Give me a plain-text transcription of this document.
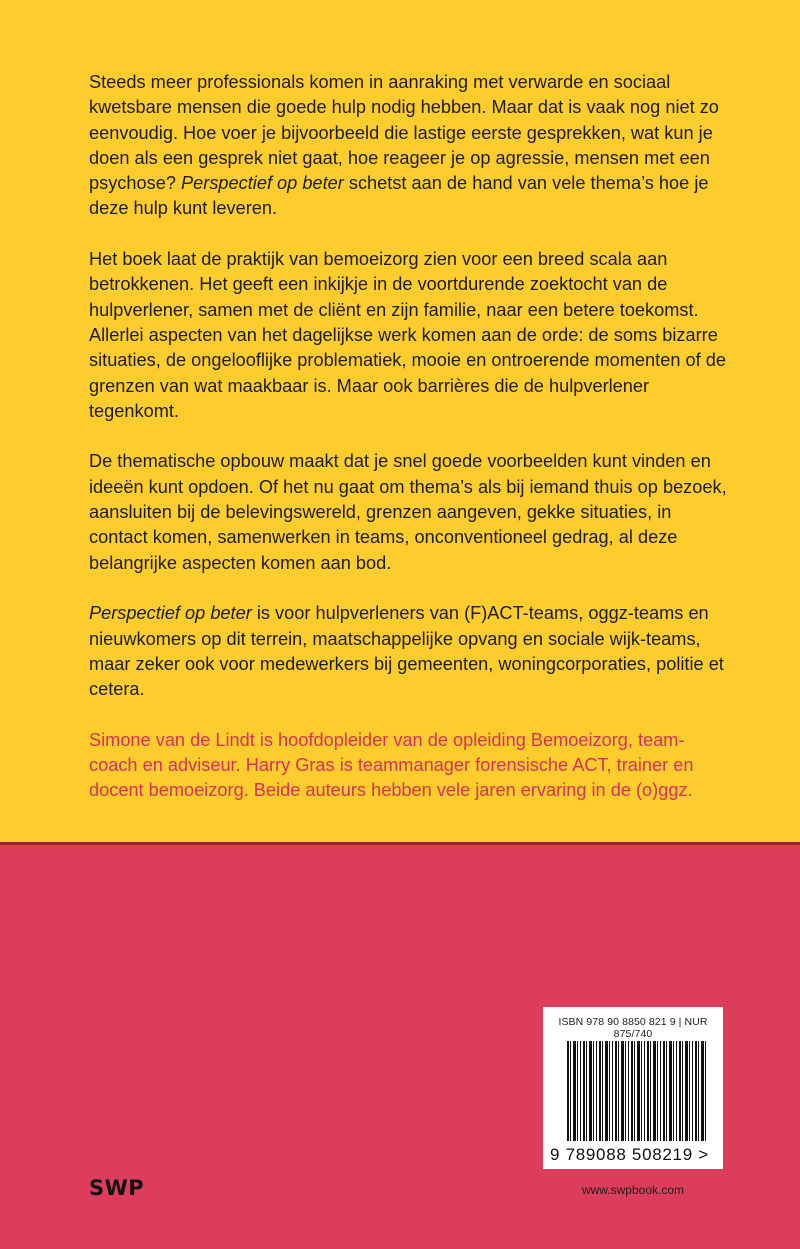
Steeds meer professionals komen in aanraking met verwarde en sociaal kwetsbare mensen die goede hulp nodig hebben. Maar dat is vaak nog niet zo eenvoudig. Hoe voer je bijvoorbeeld die lastige eerste gesprekken, wat kun je doen als een gesprek niet gaat, hoe reageer je op agressie, mensen met een psychose? Perspectief op beter schetst aan de hand van vele thema’s hoe je deze hulp kunt leveren.

Het boek laat de praktijk van bemoeizorg zien voor een breed scala aan betrokkenen. Het geeft een inkijkje in de voortdurende zoektocht van de hulpverlener, samen met de cliënt en zijn familie, naar een betere toekomst. Allerlei aspecten van het dagelijkse werk komen aan de orde: de soms bizarre situaties, de ongelooflijke problematiek, mooie en ontroerende momenten of de grenzen van wat maakbaar is. Maar ook barrières die de hulpverlener tegenkomt.

De thematische opbouw maakt dat je snel goede voorbeelden kunt vinden en ideeën kunt opdoen. Of het nu gaat om thema’s als bij iemand thuis op bezoek, aansluiten bij de belevingswereld, grenzen aangeven, gekke situaties, in contact komen, samenwerken in teams, onconventioneel gedrag, al deze belangrijke aspecten komen aan bod.

Perspectief op beter is voor hulpverleners van (F)ACT-teams, oggz-teams en nieuwkomers op dit terrein, maatschappelijke opvang en sociale wijk-teams, maar zeker ook voor medewerkers bij gemeenten, woningcorporaties, politie et cetera.

Simone van de Lindt is hoofdopleider van de opleiding Bemoeizorg, team-coach en adviseur. Harry Gras is teammanager forensische ACT, trainer en docent bemoeizorg. Beide auteurs hebben vele jaren ervaring in de (o)ggz.

ISBN 978 90 8850 821 9 | NUR 875/740
9 789088 508219 >
SWP	www.swpbook.com
